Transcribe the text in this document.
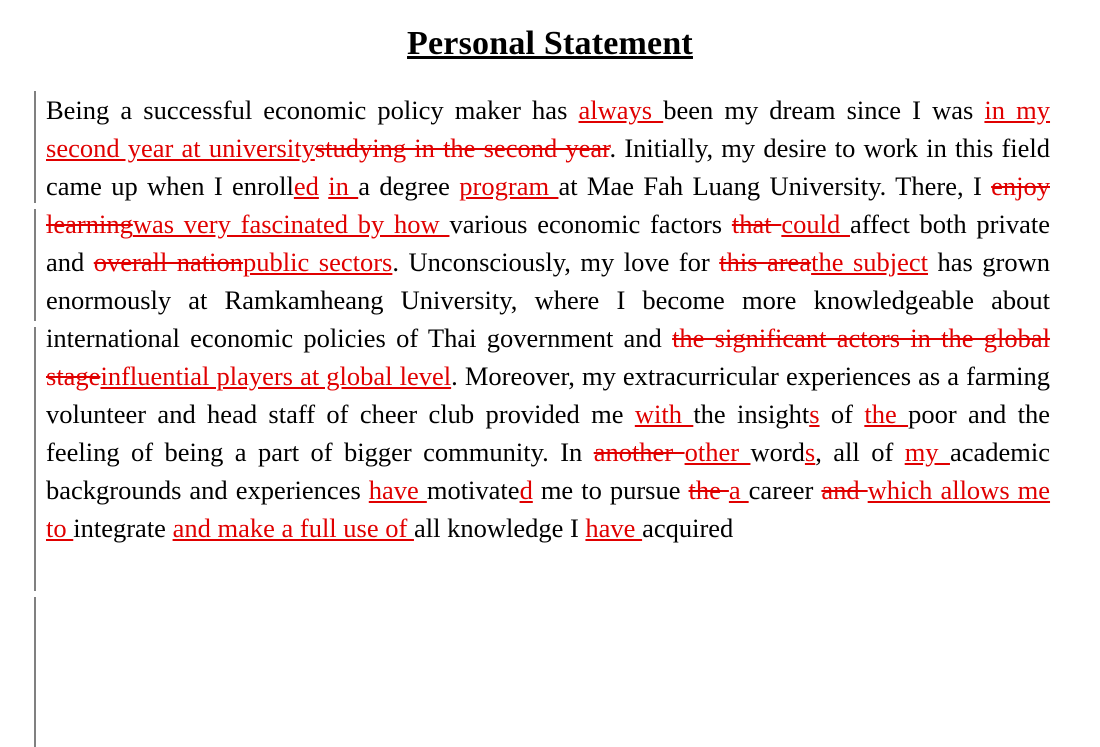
Personal Statement

Being a successful economic policy maker has always been my dream since I was in my second year at universitystudying in the second year. Initially, my desire to work in this field came up when I enrolled in a degree program at Mae Fah Luang University. There, I enjoy learningwas very fascinated by how various economic factors that could affect both private and overall nationpublic sectors. Unconsciously, my love for this areathe subject has grown enormously at Ramkamheang University, where I become more knowledgeable about international economic policies of Thai government and the significant actors in the global stageinfluential players at global level. Moreover, my extracurricular experiences as a farming volunteer and head staff of cheer club provided me with the insights of the poor and the feeling of being a part of bigger community. In another other words, all of my academic backgrounds and experiences have motivated me to pursue the a career and which allows me to integrate and make a full use of all knowledge I have acquired
